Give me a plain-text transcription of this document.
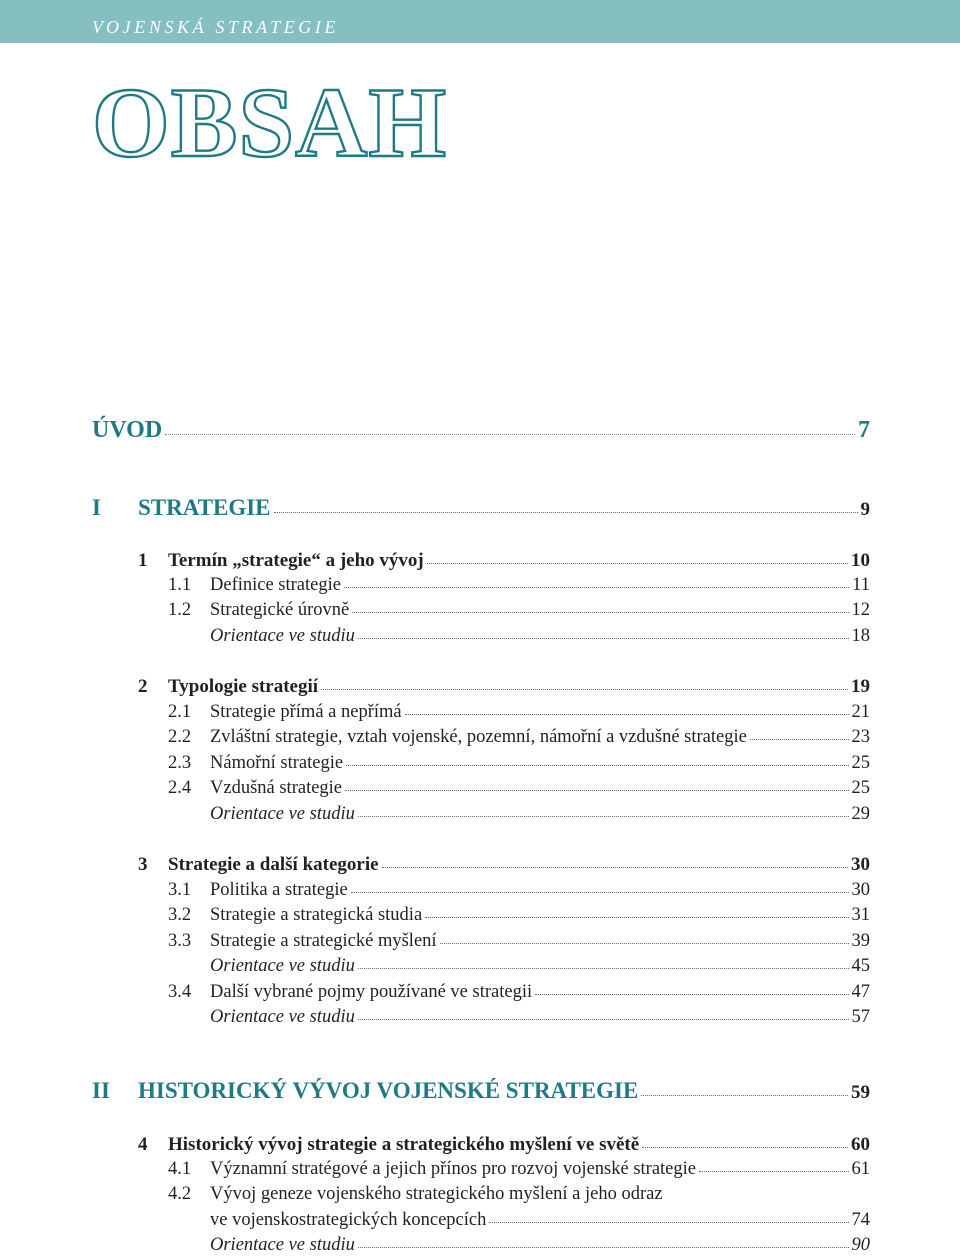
VOJENSKÁ STRATEGIE
OBSAH
ÚVOD	7
I	STRATEGIE	9
1	Termín „strategie“ a jeho vývoj	10
1.1	Definice strategie	11
1.2	Strategické úrovně	12
Orientace ve studiu	18
2	Typologie strategií	19
2.1	Strategie přímá a nepřímá	21
2.2	Zvláštní strategie, vztah vojenské, pozemní, námořní a vzdušné strategie	23
2.3	Námořní strategie	25
2.4	Vzdušná strategie	25
Orientace ve studiu	29
3	Strategie a další kategorie	30
3.1	Politika a strategie	30
3.2	Strategie a strategická studia	31
3.3	Strategie a strategické myšlení	39
Orientace ve studiu	45
3.4	Další vybrané pojmy používané ve strategii	47
Orientace ve studiu	57
II	HISTORICKÝ VÝVOJ VOJENSKÉ STRATEGIE	59
4	Historický vývoj strategie a strategického myšlení ve světě	60
4.1	Významní stratégové a jejich přínos pro rozvoj vojenské strategie	61
4.2	Vývoj geneze vojenského strategického myšlení a jeho odraz
ve vojenskostrategických koncepcích	74
Orientace ve studiu	90
